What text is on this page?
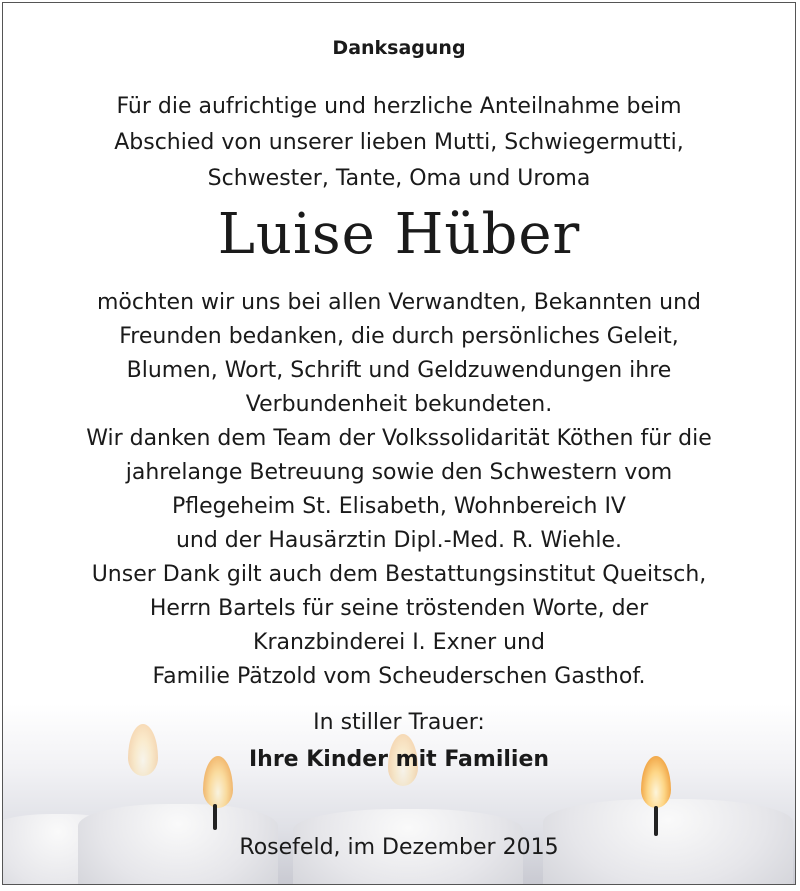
Danksagung
Für die aufrichtige und herzliche Anteilnahme beim
Abschied von unserer lieben Mutti, Schwiegermutti,
Schwester, Tante, Oma und Uroma
Luise Hüber
möchten wir uns bei allen Verwandten, Bekannten und
Freunden bedanken, die durch persönliches Geleit,
Blumen, Wort, Schrift und Geldzuwendungen ihre
Verbundenheit bekundeten.
Wir danken dem Team der Volkssolidarität Köthen für die
jahrelange Betreuung sowie den Schwestern vom
Pflegeheim St. Elisabeth, Wohnbereich IV
und der Hausärztin Dipl.-Med. R. Wiehle.
Unser Dank gilt auch dem Bestattungsinstitut Queitsch,
Herrn Bartels für seine tröstenden Worte, der
Kranzbinderei I. Exner und
Familie Pätzold vom Scheuderschen Gasthof.
In stiller Trauer:
Ihre Kinder mit Familien
Rosefeld, im Dezember 2015
